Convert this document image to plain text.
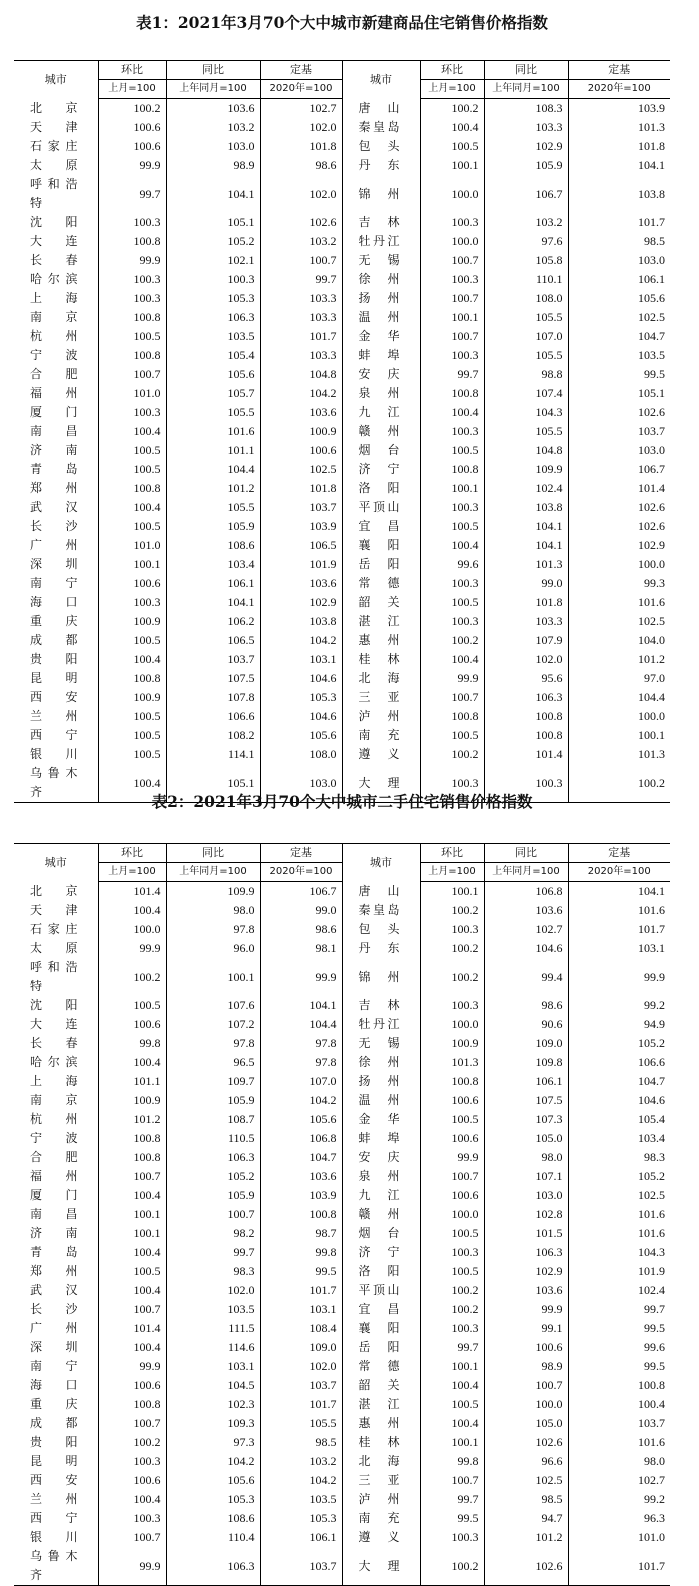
表1：2021年3月70个大中城市新建商品住宅销售价格指数
城市	环比	同比	定基	城市	环比	同比	定基
	上月=100	上年同月=100	2020年=100		上月=100	上年同月=100	2020年=100
北京	100.2	103.6	102.7	唐山	100.2	108.3	103.9
天津	100.6	103.2	102.0	秦皇岛	100.4	103.3	101.3
石家庄	100.6	103.0	101.8	包头	100.5	102.9	101.8
太原	99.9	98.9	98.6	丹东	100.1	105.9	104.1
呼和浩特	99.7	104.1	102.0	锦州	100.0	106.7	103.8
沈阳	100.3	105.1	102.6	吉林	100.3	103.2	101.7
大连	100.8	105.2	103.2	牡丹江	100.0	97.6	98.5
长春	99.9	102.1	100.7	无锡	100.7	105.8	103.0
哈尔滨	100.3	100.3	99.7	徐州	100.3	110.1	106.1
上海	100.3	105.3	103.3	扬州	100.7	108.0	105.6
南京	100.8	106.3	103.3	温州	100.1	105.5	102.5
杭州	100.5	103.5	101.7	金华	100.7	107.0	104.7
宁波	100.8	105.4	103.3	蚌埠	100.3	105.5	103.5
合肥	100.7	105.6	104.8	安庆	99.7	98.8	99.5
福州	101.0	105.7	104.2	泉州	100.8	107.4	105.1
厦门	100.3	105.5	103.6	九江	100.4	104.3	102.6
南昌	100.4	101.6	100.9	赣州	100.3	105.5	103.7
济南	100.5	101.1	100.6	烟台	100.5	104.8	103.0
青岛	100.5	104.4	102.5	济宁	100.8	109.9	106.7
郑州	100.8	101.2	101.8	洛阳	100.1	102.4	101.4
武汉	100.4	105.5	103.7	平顶山	100.3	103.8	102.6
长沙	100.5	105.9	103.9	宜昌	100.5	104.1	102.6
广州	101.0	108.6	106.5	襄阳	100.4	104.1	102.9
深圳	100.1	103.4	101.9	岳阳	99.6	101.3	100.0
南宁	100.6	106.1	103.6	常德	100.3	99.0	99.3
海口	100.3	104.1	102.9	韶关	100.5	101.8	101.6
重庆	100.9	106.2	103.8	湛江	100.3	103.3	102.5
成都	100.5	106.5	104.2	惠州	100.2	107.9	104.0
贵阳	100.4	103.7	103.1	桂林	100.4	102.0	101.2
昆明	100.8	107.5	104.6	北海	99.9	95.6	97.0
西安	100.9	107.8	105.3	三亚	100.7	106.3	104.4
兰州	100.5	106.6	104.6	泸州	100.8	100.8	100.0
西宁	100.5	108.2	105.6	南充	100.5	100.8	100.1
银川	100.5	114.1	108.0	遵义	100.2	101.4	101.3
乌鲁木齐	100.4	105.1	103.0	大理	100.3	100.3	100.2
表2：2021年3月70个大中城市二手住宅销售价格指数
城市	环比	同比	定基	城市	环比	同比	定基
	上月=100	上年同月=100	2020年=100		上月=100	上年同月=100	2020年=100
北京	101.4	109.9	106.7	唐山	100.1	106.8	104.1
天津	100.4	98.0	99.0	秦皇岛	100.2	103.6	101.6
石家庄	100.0	97.8	98.6	包头	100.3	102.7	101.7
太原	99.9	96.0	98.1	丹东	100.2	104.6	103.1
呼和浩特	100.2	100.1	99.9	锦州	100.2	99.4	99.9
沈阳	100.5	107.6	104.1	吉林	100.3	98.6	99.2
大连	100.6	107.2	104.4	牡丹江	100.0	90.6	94.9
长春	99.8	97.8	97.8	无锡	100.9	109.0	105.2
哈尔滨	100.4	96.5	97.8	徐州	101.3	109.8	106.6
上海	101.1	109.7	107.0	扬州	100.8	106.1	104.7
南京	100.9	105.9	104.2	温州	100.6	107.5	104.6
杭州	101.2	108.7	105.6	金华	100.5	107.3	105.4
宁波	100.8	110.5	106.8	蚌埠	100.6	105.0	103.4
合肥	100.8	106.3	104.7	安庆	99.9	98.0	98.3
福州	100.7	105.2	103.6	泉州	100.7	107.1	105.2
厦门	100.4	105.9	103.9	九江	100.6	103.0	102.5
南昌	100.1	100.7	100.8	赣州	100.0	102.8	101.6
济南	100.1	98.2	98.7	烟台	100.5	101.5	101.6
青岛	100.4	99.7	99.8	济宁	100.3	106.3	104.3
郑州	100.5	98.3	99.5	洛阳	100.5	102.9	101.9
武汉	100.4	102.0	101.7	平顶山	100.2	103.6	102.4
长沙	100.7	103.5	103.1	宜昌	100.2	99.9	99.7
广州	101.4	111.5	108.4	襄阳	100.3	99.1	99.5
深圳	100.4	114.6	109.0	岳阳	99.7	100.6	99.6
南宁	99.9	103.1	102.0	常德	100.1	98.9	99.5
海口	100.6	104.5	103.7	韶关	100.4	100.7	100.8
重庆	100.8	102.3	101.7	湛江	100.5	100.0	100.4
成都	100.7	109.3	105.5	惠州	100.4	105.0	103.7
贵阳	100.2	97.3	98.5	桂林	100.1	102.6	101.6
昆明	100.3	104.2	103.2	北海	99.8	96.6	98.0
西安	100.6	105.6	104.2	三亚	100.7	102.5	102.7
兰州	100.4	105.3	103.5	泸州	99.7	98.5	99.2
西宁	100.3	108.6	105.3	南充	99.5	94.7	96.3
银川	100.7	110.4	106.1	遵义	100.3	101.2	101.0
乌鲁木齐	99.9	106.3	103.7	大理	100.2	102.6	101.7
